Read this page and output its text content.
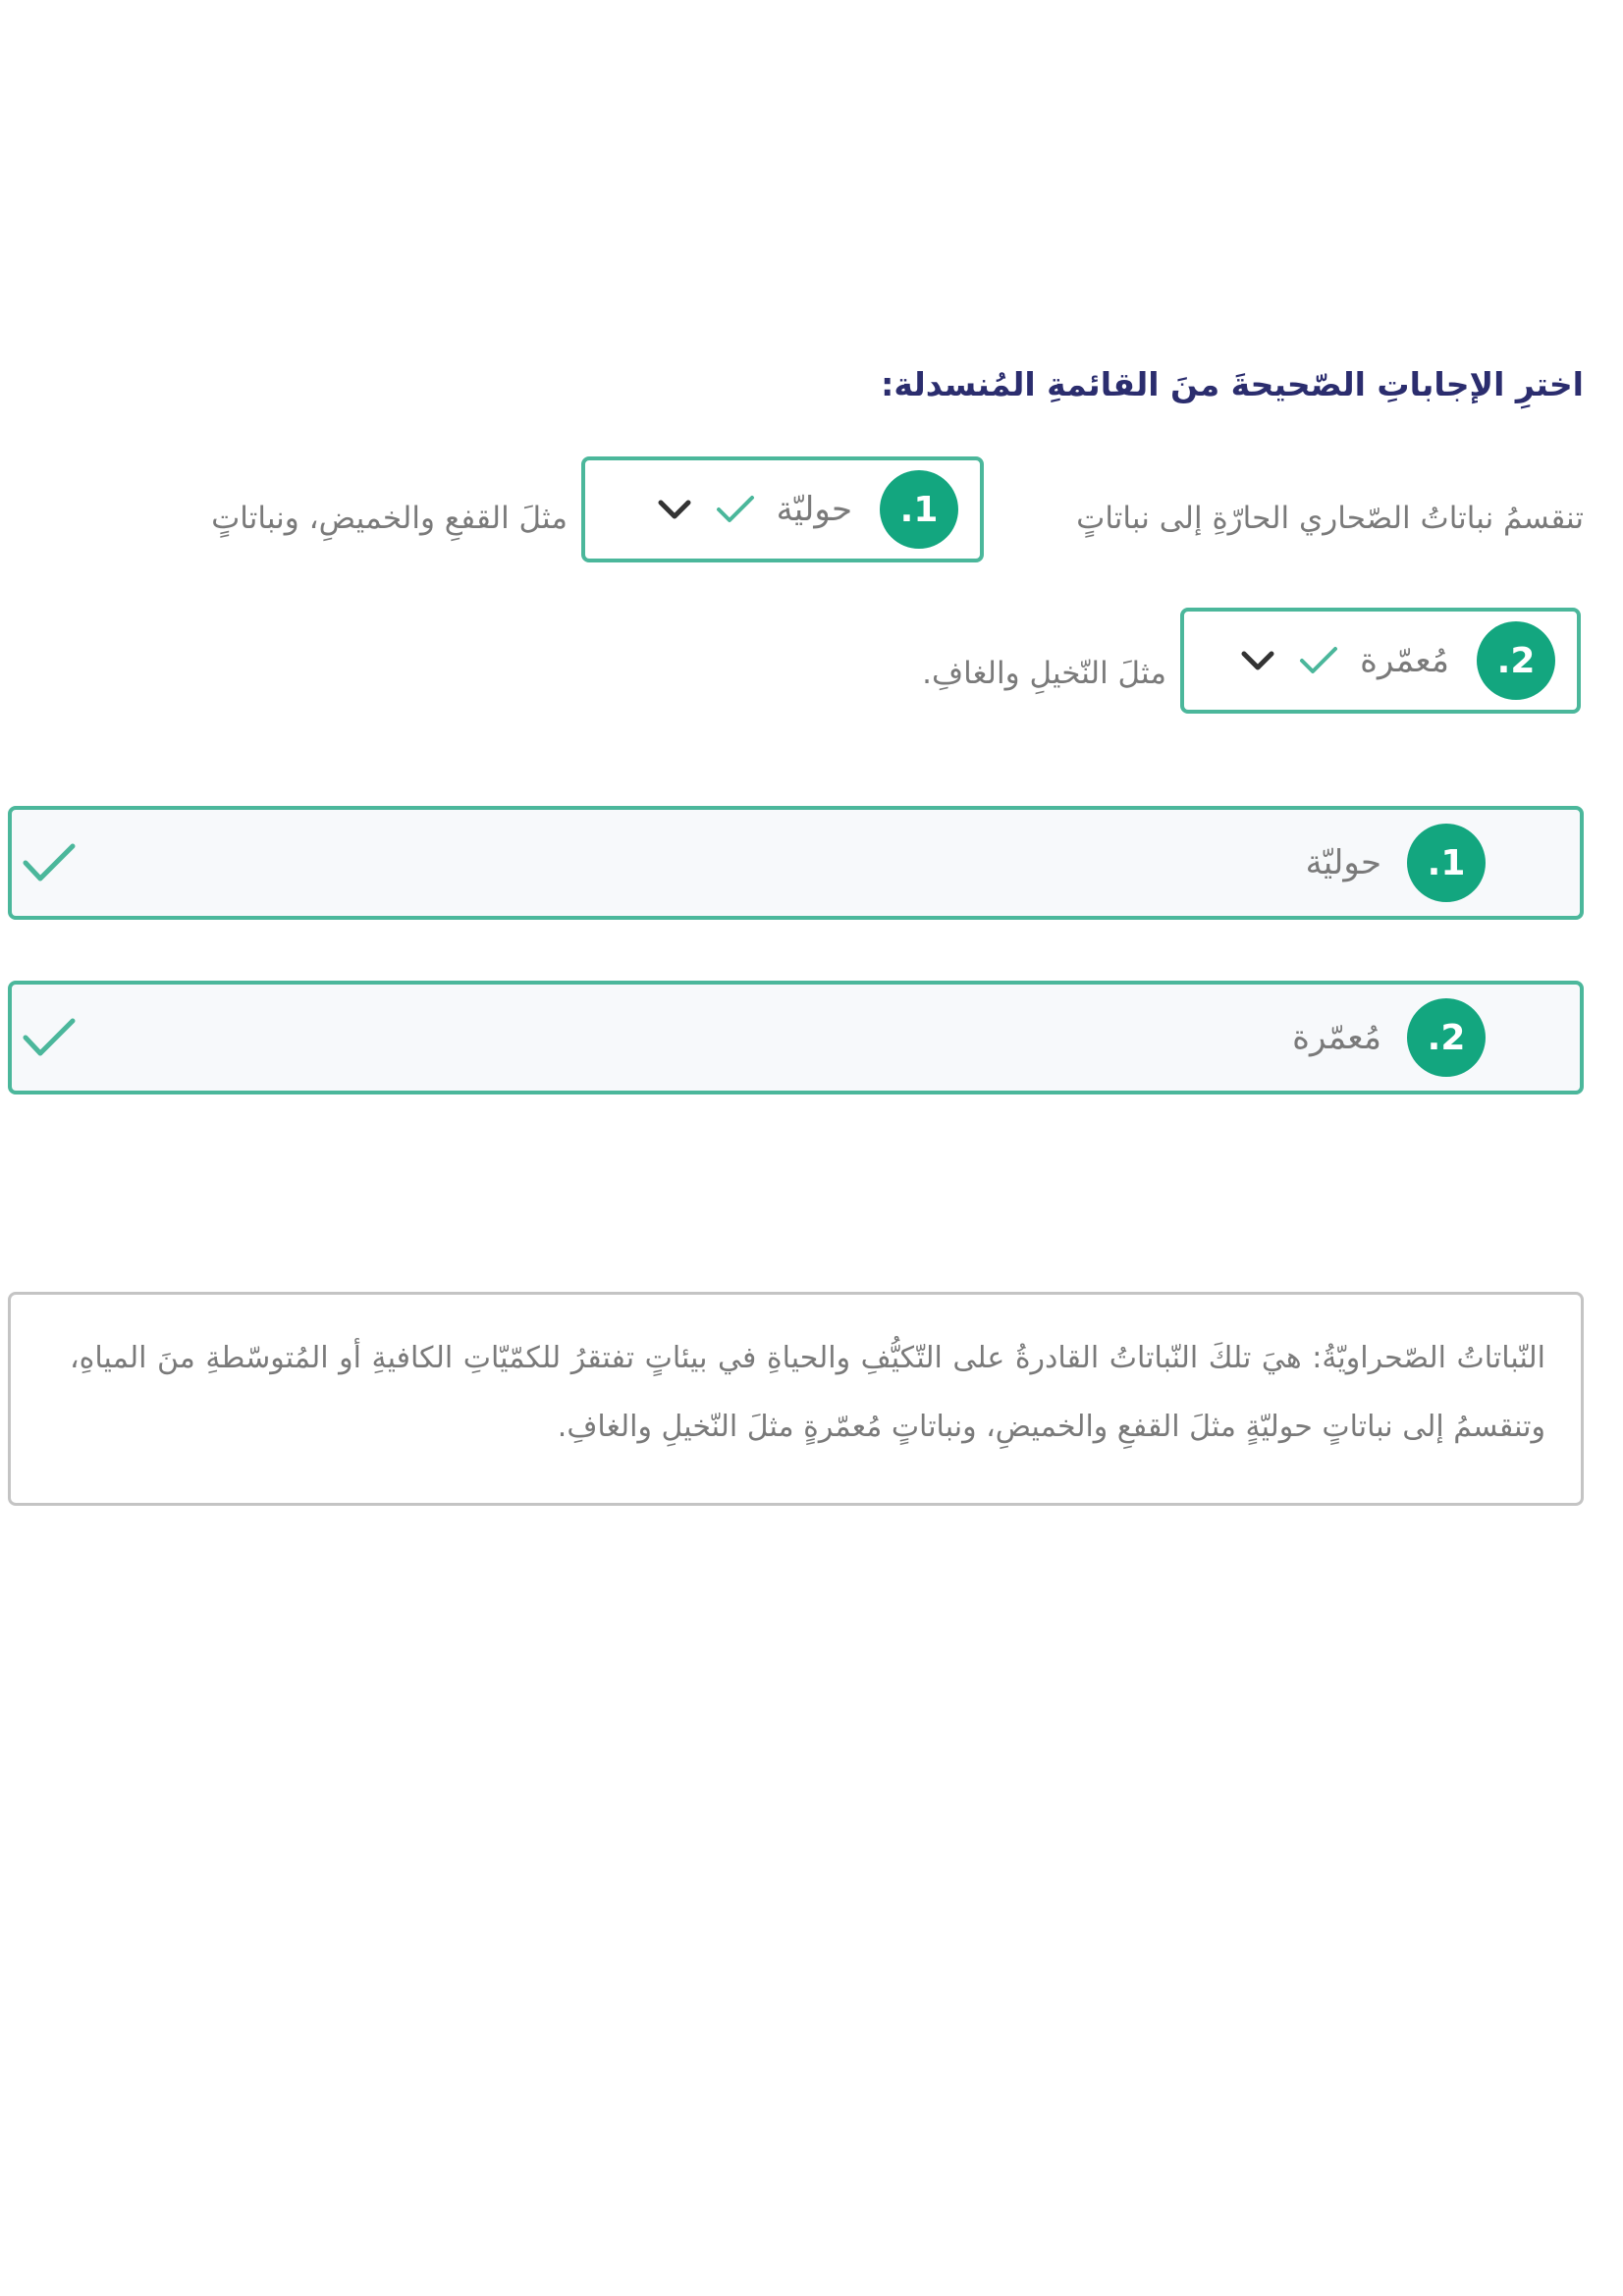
اخترِ الإجاباتِ الصّحيحةَ منَ القائمةِ المُنسدلة:
تنقسمُ نباتاتُ الصّحاري الحارّةِ إلى نباتاتٍ
1.
حوليّة
مثلَ القفعِ والخميضِ، ونباتاتٍ
2.
مُعمّرة
مثلَ النّخيلِ والغافِ.
1.
حوليّة
2.
مُعمّرة
النّباتاتُ الصّحراويّةُ: هيَ تلكَ النّباتاتُ القادرةُ على التّكيُّفِ والحياةِ في بيئاتٍ تفتقرُ للكمّيّاتِ الكافيةِ أو المُتوسّطةِ منَ المياهِ، وتنقسمُ إلى نباتاتٍ حوليّةٍ مثلَ القفعِ والخميضِ، ونباتاتٍ مُعمّرةٍ مثلَ النّخيلِ والغافِ.
